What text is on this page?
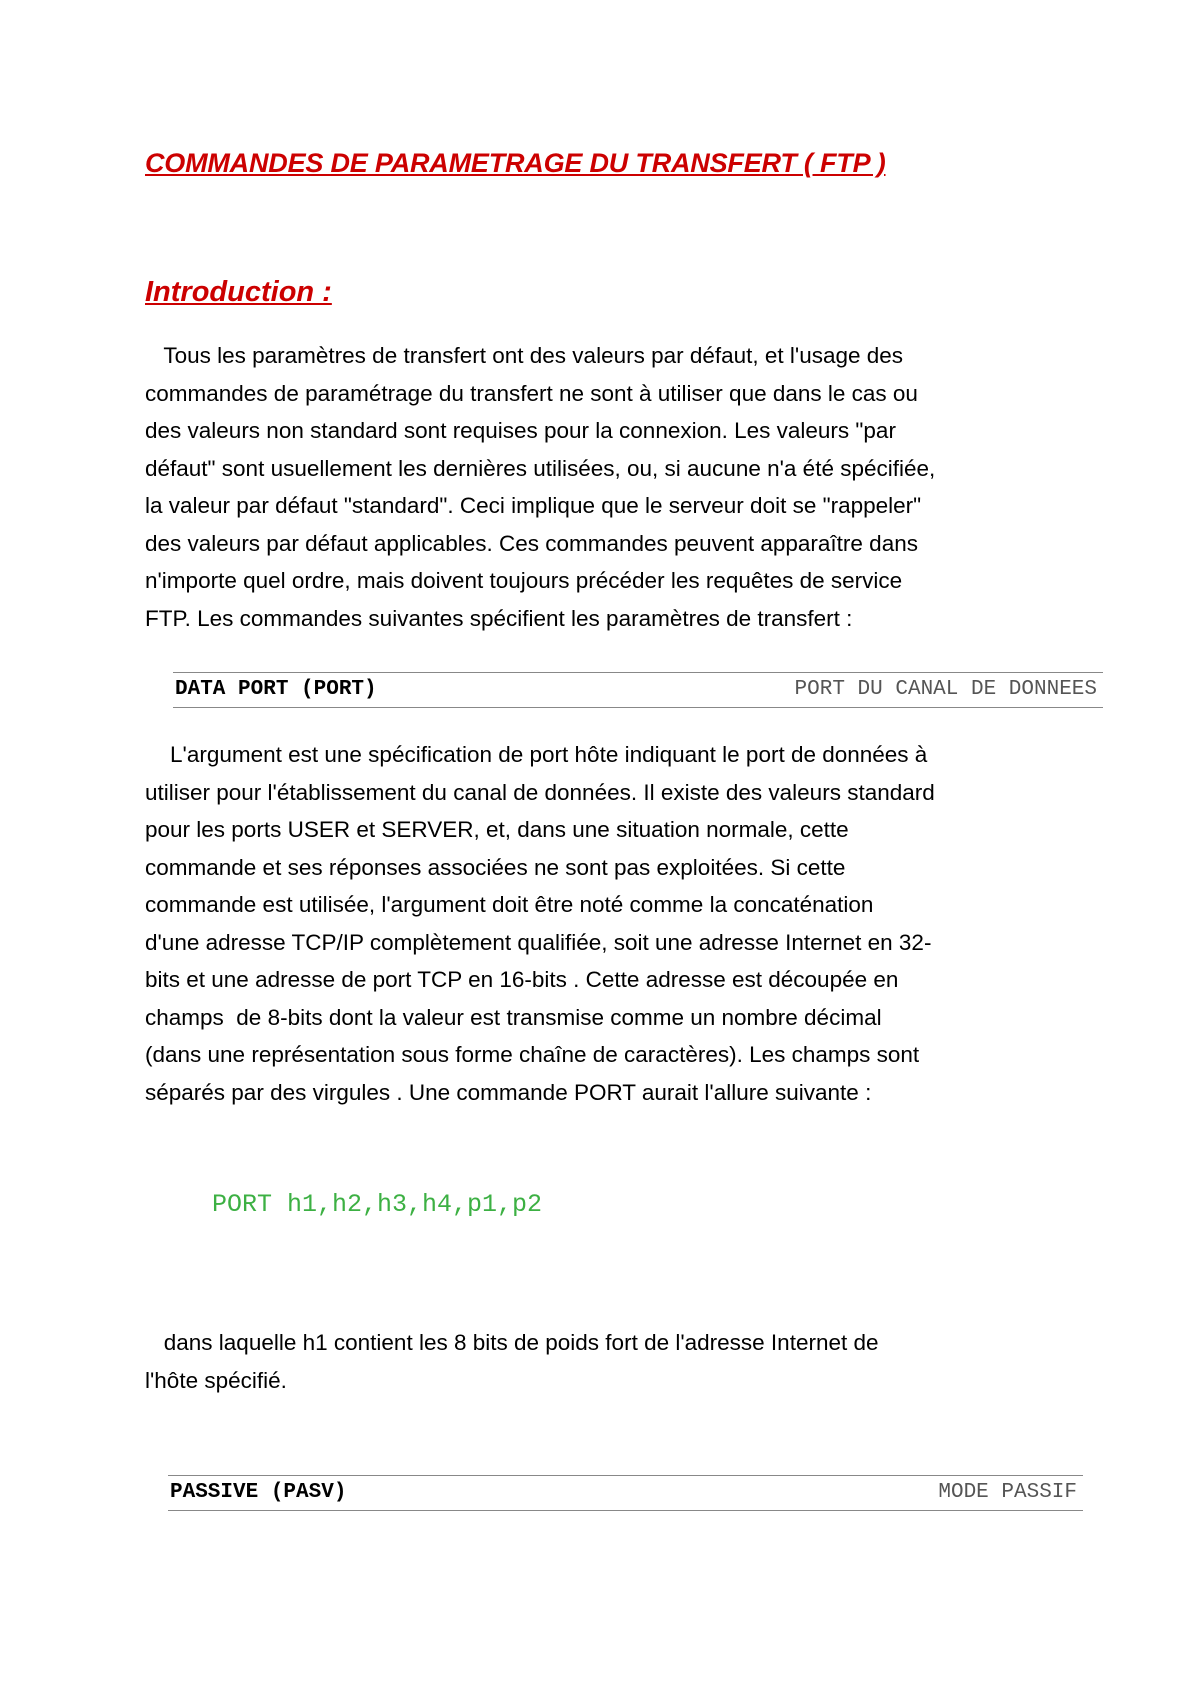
COMMANDES DE PARAMETRAGE DU TRANSFERT ( FTP )
Introduction :

Tous les paramètres de transfert ont des valeurs par défaut, et l'usage des
commandes de paramétrage du transfert ne sont à utiliser que dans le cas ou
des valeurs non standard sont requises pour la connexion. Les valeurs "par
défaut" sont usuellement les dernières utilisées, ou, si aucune n'a été spécifiée,
la valeur par défaut "standard". Ceci implique que le serveur doit se "rappeler"
des valeurs par défaut applicables. Ces commandes peuvent apparaître dans
n'importe quel ordre, mais doivent toujours précéder les requêtes de service
FTP. Les commandes suivantes spécifient les paramètres de transfert :

DATA PORT (PORT)	PORT DU CANAL DE DONNEES

L'argument est une spécification de port hôte indiquant le port de données à
utiliser pour l'établissement du canal de données. Il existe des valeurs standard
pour les ports USER et SERVER, et, dans une situation normale, cette
commande et ses réponses associées ne sont pas exploitées. Si cette
commande est utilisée, l'argument doit être noté comme la concaténation
d'une adresse TCP/IP complètement qualifiée, soit une adresse Internet en 32-
bits et une adresse de port TCP en 16-bits . Cette adresse est découpée en
champs  de 8-bits dont la valeur est transmise comme un nombre décimal
(dans une représentation sous forme chaîne de caractères). Les champs sont
séparés par des virgules . Une commande PORT aurait l'allure suivante :

PORT h1,h2,h3,h4,p1,p2

dans laquelle h1 contient les 8 bits de poids fort de l'adresse Internet de
l'hôte spécifié.

PASSIVE (PASV)	MODE PASSIF
